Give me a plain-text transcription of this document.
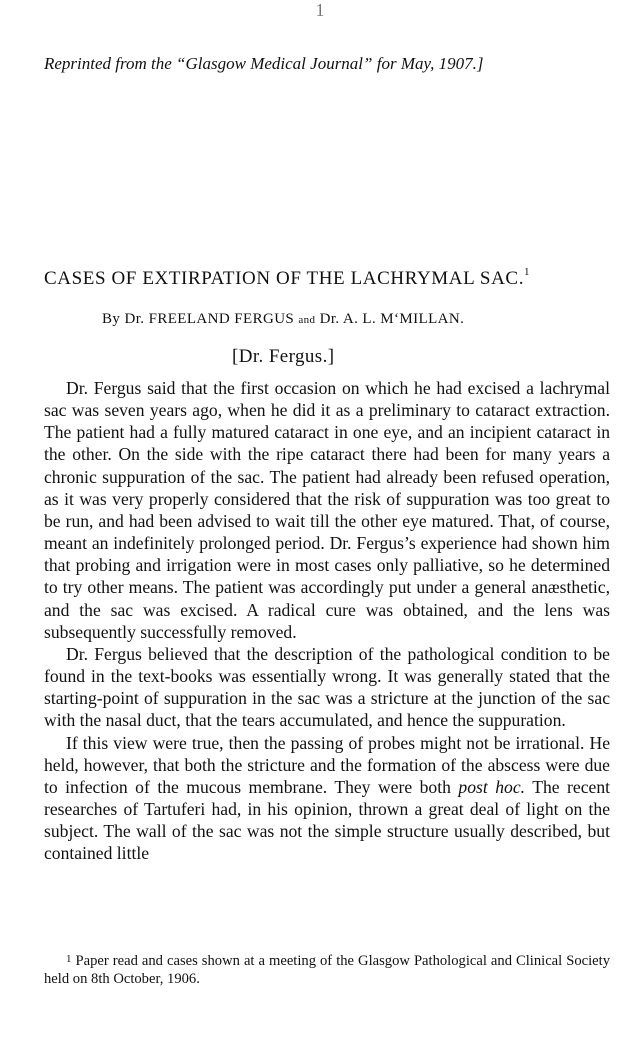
1
Reprinted from the “Glasgow Medical Journal” for May, 1907.]
CASES OF EXTIRPATION OF THE LACHRYMAL SAC.$^1$
By Dr. FREELAND FERGUS and Dr. A. L. M‘MILLAN.
[Dr. Fergus.]

Dr. Fergus said that the first occasion on which he had excised a lachrymal sac was seven years ago, when he did it as a preliminary to cataract extraction. The patient had a fully matured cataract in one eye, and an incipient cataract in the other. On the side with the ripe cataract there had been for many years a chronic suppuration of the sac. The patient had already been refused operation, as it was very properly considered that the risk of suppuration was too great to be run, and had been advised to wait till the other eye matured. That, of course, meant an indefinitely prolonged period. Dr. Fergus’s experience had shown him that probing and irrigation were in most cases only palliative, so he determined to try other means. The patient was accordingly put under a general anæsthetic, and the sac was excised. A radical cure was obtained, and the lens was subsequently successfully removed.

Dr. Fergus believed that the description of the pathological condition to be found in the text-books was essentially wrong. It was generally stated that the starting-point of suppuration in the sac was a stricture at the junction of the sac with the nasal duct, that the tears accumulated, and hence the suppuration.

If this view were true, then the passing of probes might not be irrational. He held, however, that both the stricture and the formation of the abscess were due to infection of the mucous membrane. They were both post hoc. The recent researches of Tartuferi had, in his opinion, thrown a great deal of light on the subject. The wall of the sac was not the simple structure usually described, but contained little

$^1$ Paper read and cases shown at a meeting of the Glasgow Pathological and Clinical Society held on 8th October, 1906.
